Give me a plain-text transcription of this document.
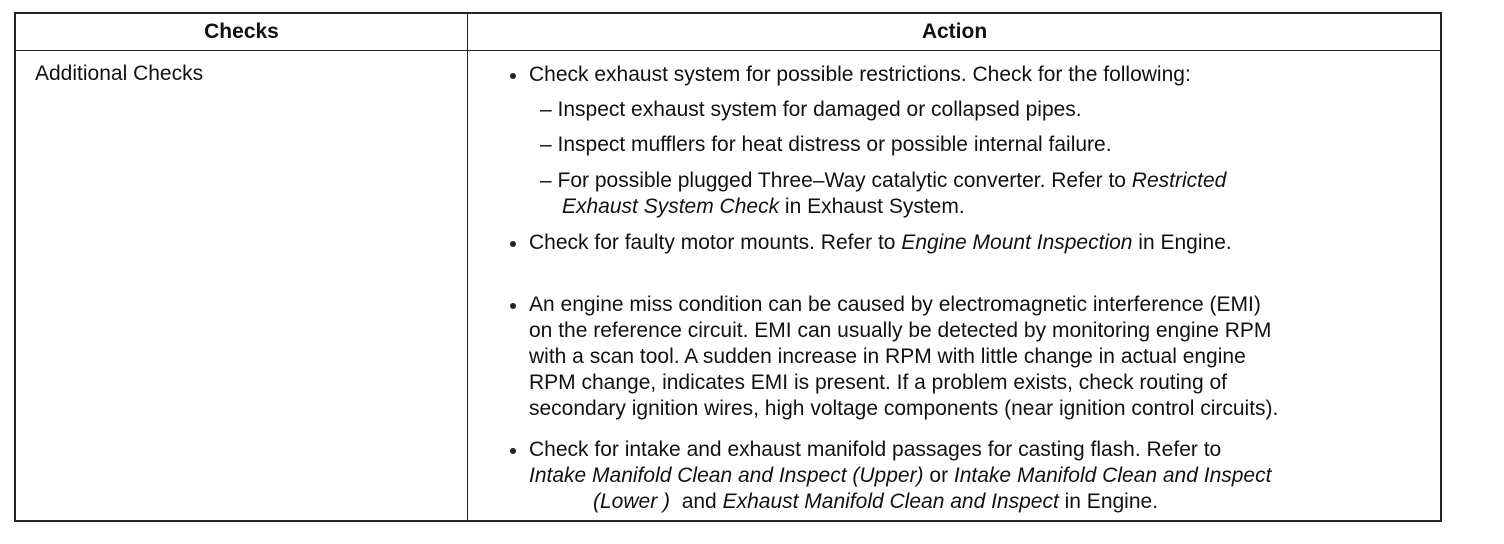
Checks	Action
Additional Checks	Check exhaust system for possible restrictions. Check for the following:
– Inspect exhaust system for damaged or collapsed pipes.
– Inspect mufflers for heat distress or possible internal failure.
– For possible plugged Three–Way catalytic converter. Refer to Restricted
Exhaust System Check in Exhaust System.
Check for faulty motor mounts. Refer to Engine Mount Inspection in Engine.
An engine miss condition can be caused by electromagnetic interference (EMI)
on the reference circuit. EMI can usually be detected by monitoring engine RPM
with a scan tool. A sudden increase in RPM with little change in actual engine
RPM change, indicates EMI is present. If a problem exists, check routing of
secondary ignition wires, high voltage components (near ignition control circuits).
Check for intake and exhaust manifold passages for casting flash. Refer to
Intake Manifold Clean and Inspect (Upper) or Intake Manifold Clean and Inspect
(Lower )  and Exhaust Manifold Clean and Inspect in Engine.
